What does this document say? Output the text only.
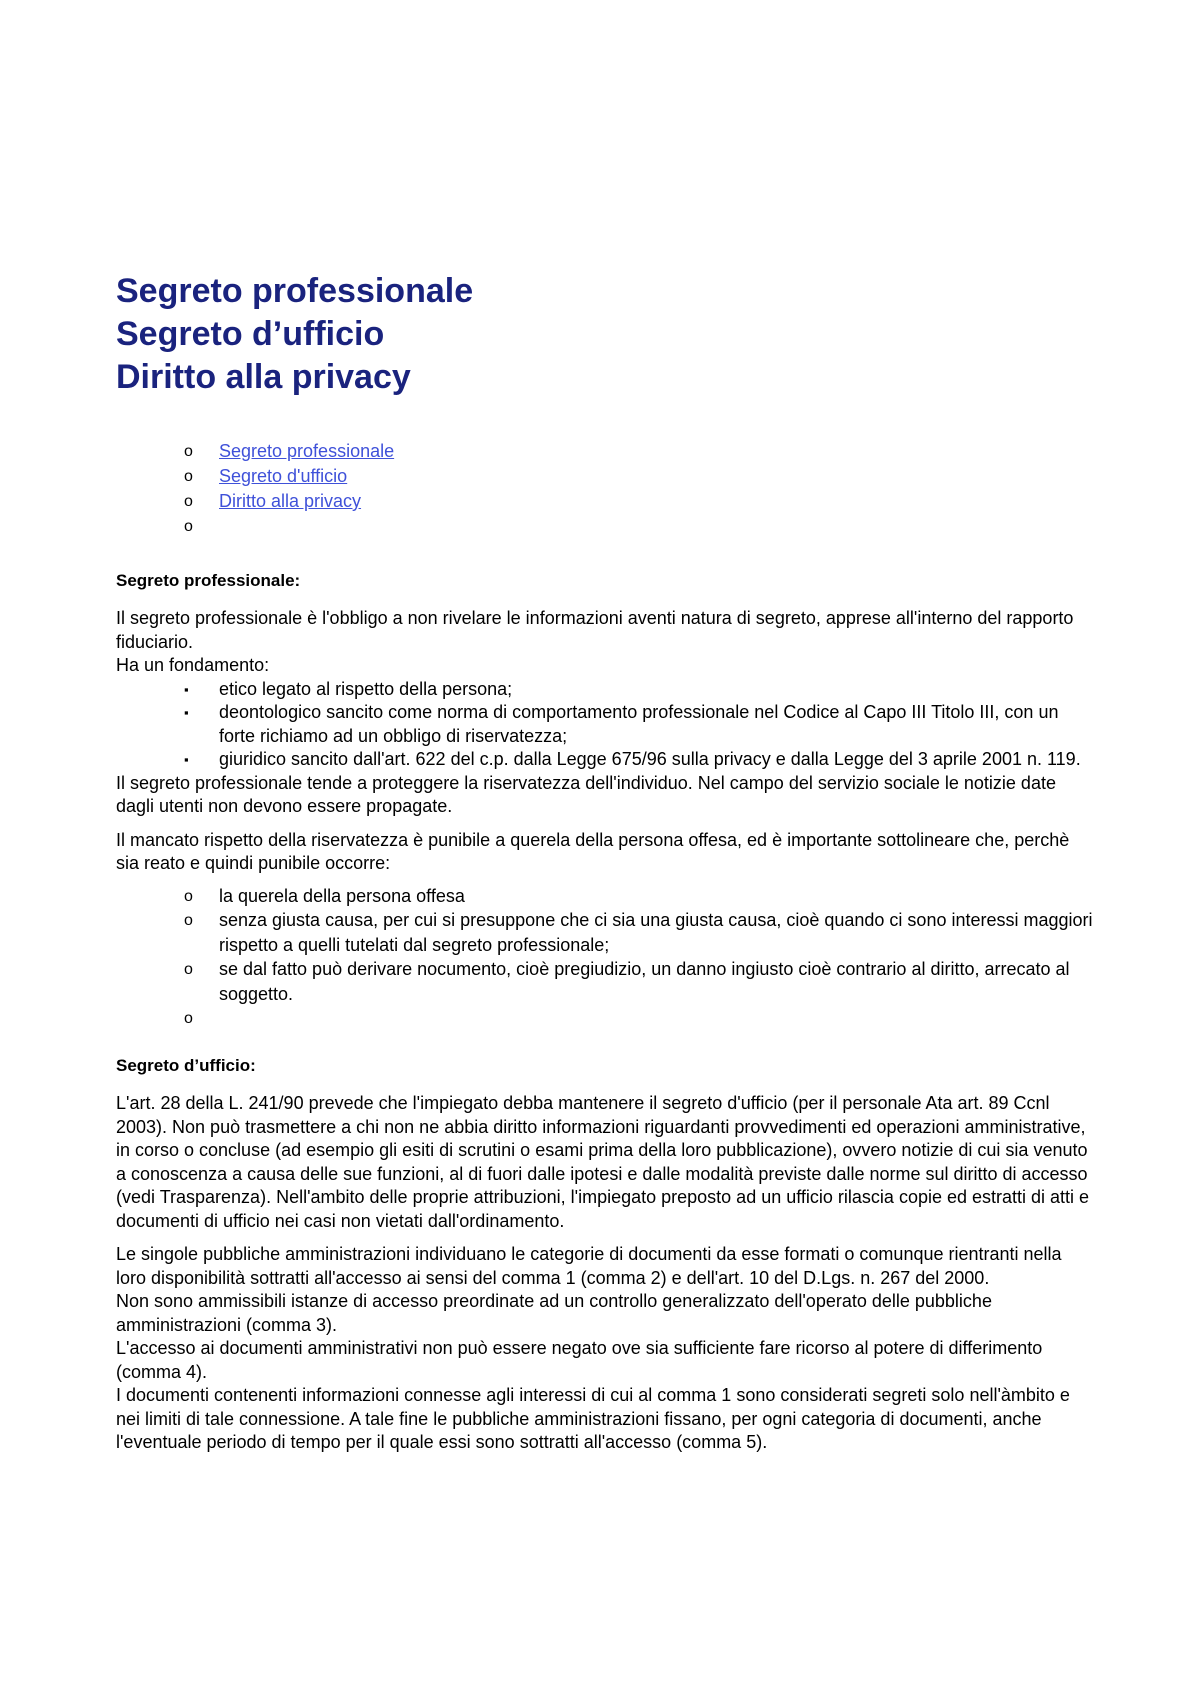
Segreto professionale
Segreto d’ufficio
Diritto alla privacy
o Segreto professionale
o Segreto d'ufficio
o Diritto alla privacy
o
Segreto professionale:

Il segreto professionale è l'obbligo a non rivelare le informazioni aventi natura di segreto, apprese all'interno del rapporto fiduciario.

Ha un fondamento:

▪ etico legato al rispetto della persona;
▪ deontologico sancito come norma di comportamento professionale nel Codice al Capo III Titolo III, con un forte richiamo ad un obbligo di riservatezza;
▪ giuridico sancito dall'art. 622 del c.p. dalla Legge 675/96 sulla privacy e dalla Legge del 3 aprile 2001 n. 119.

Il segreto professionale tende a proteggere la riservatezza dell'individuo. Nel campo del servizio sociale le notizie date dagli utenti non devono essere propagate.

Il mancato rispetto della riservatezza è punibile a querela della persona offesa, ed è importante sottolineare che, perchè sia reato e quindi punibile occorre:

o la querela della persona offesa
o senza giusta causa, per cui si presuppone che ci sia una giusta causa, cioè quando ci sono interessi maggiori rispetto a quelli tutelati dal segreto professionale;
o se dal fatto può derivare nocumento, cioè pregiudizio, un danno ingiusto cioè contrario al diritto, arrecato al soggetto.
o
Segreto d’ufficio:

L'art. 28 della L. 241/90 prevede che l'impiegato debba mantenere il segreto d'ufficio (per il personale Ata art. 89 Ccnl 2003). Non può trasmettere a chi non ne abbia diritto informazioni riguardanti provvedimenti ed operazioni amministrative, in corso o concluse (ad esempio gli esiti di scrutini o esami prima della loro pubblicazione), ovvero notizie di cui sia venuto a conoscenza a causa delle sue funzioni, al di fuori dalle ipotesi e dalle modalità previste dalle norme sul diritto di accesso (vedi Trasparenza). Nell'ambito delle proprie attribuzioni, l'impiegato preposto ad un ufficio rilascia copie ed estratti di atti e documenti di ufficio nei casi non vietati dall'ordinamento.

Le singole pubbliche amministrazioni individuano le categorie di documenti da esse formati o comunque rientranti nella loro disponibilità sottratti all'accesso ai sensi del comma 1 (comma 2) e dell'art. 10 del D.Lgs. n. 267 del 2000.

Non sono ammissibili istanze di accesso preordinate ad un controllo generalizzato dell'operato delle pubbliche amministrazioni (comma 3).

L'accesso ai documenti amministrativi non può essere negato ove sia sufficiente fare ricorso al potere di differimento (comma 4).

I documenti contenenti informazioni connesse agli interessi di cui al comma 1 sono considerati segreti solo nell'àmbito e nei limiti di tale connessione. A tale fine le pubbliche amministrazioni fissano, per ogni categoria di documenti, anche l'eventuale periodo di tempo per il quale essi sono sottratti all'accesso (comma 5).
